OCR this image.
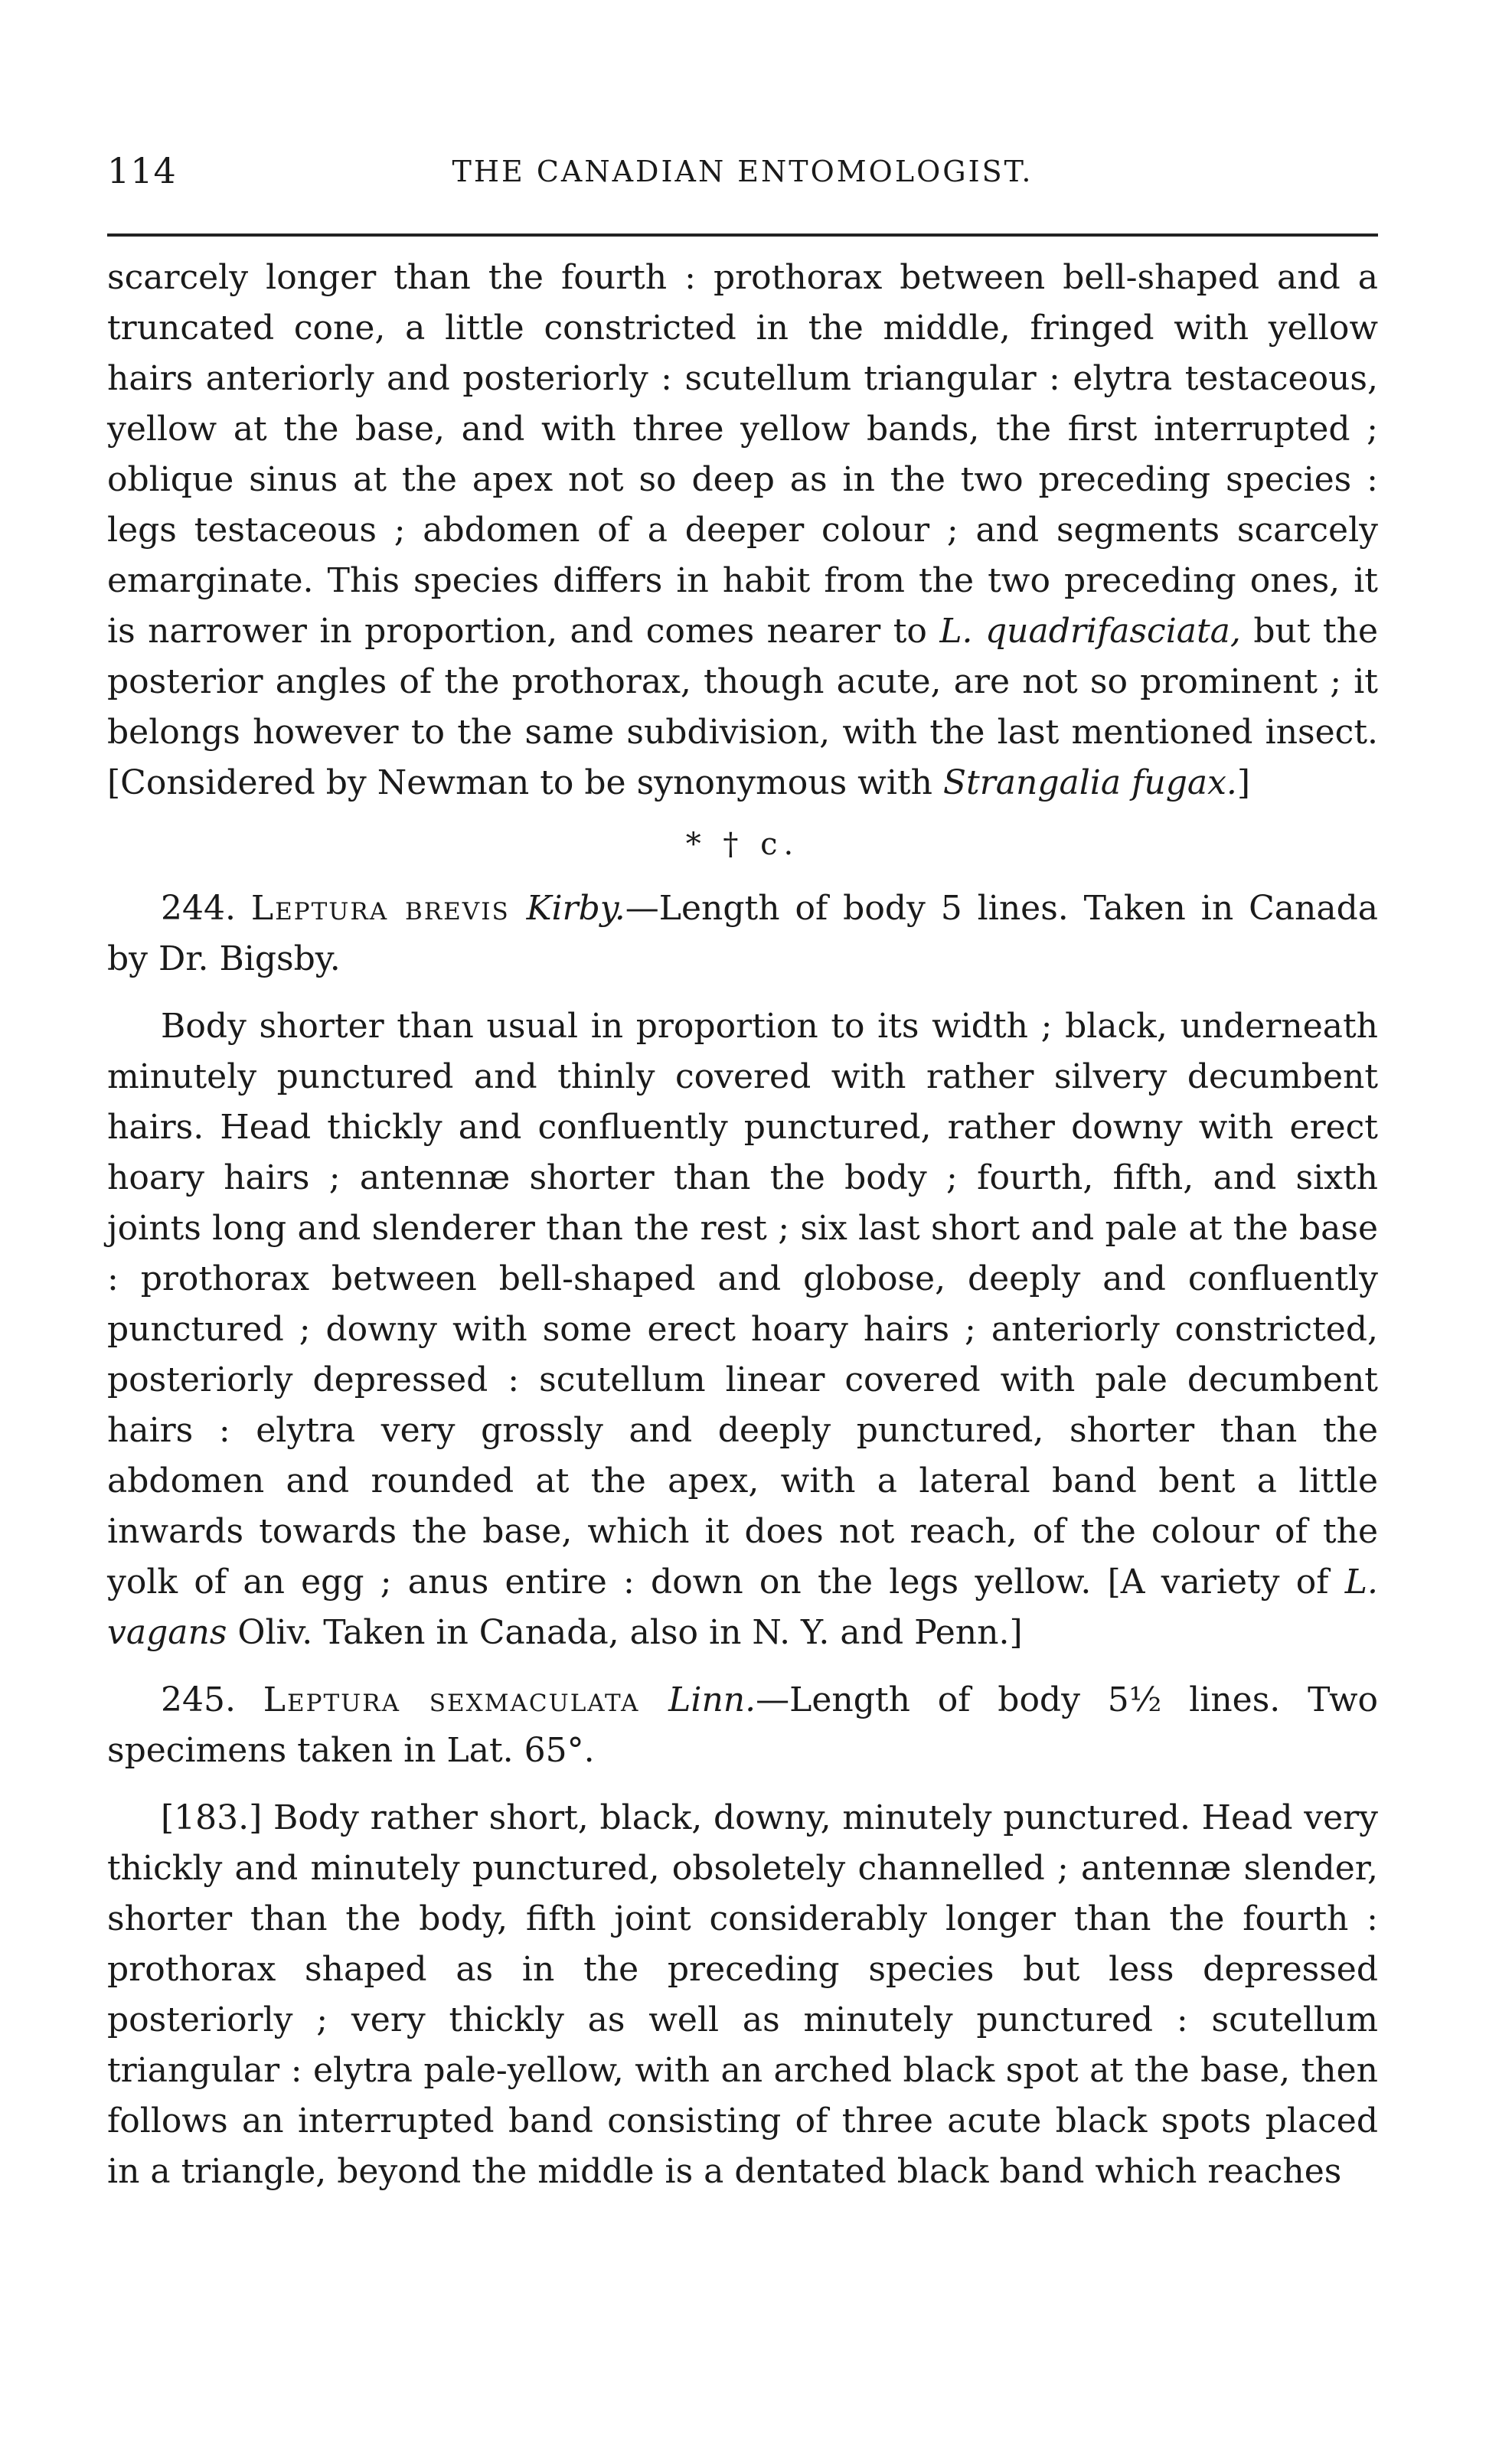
114	THE CANADIAN ENTOMOLOGIST.

scarcely longer than the fourth : prothorax between bell-shaped and a truncated cone, a little constricted in the middle, fringed with yellow hairs anteriorly and posteriorly : scutellum triangular : elytra testaceous, yellow at the base, and with three yellow bands, the first interrupted ; oblique sinus at the apex not so deep as in the two preceding species : legs testaceous ; abdomen of a deeper colour ; and segments scarcely emarginate. This species differs in habit from the two preceding ones, it is narrower in proportion, and comes nearer to L. quadrifasciata, but the posterior angles of the prothorax, though acute, are not so prominent ; it belongs however to the same subdivision, with the last mentioned insect. [Considered by Newman to be synonymous with Strangalia fugax.]

* † c.

244. Leptura brevis Kirby.—Length of body 5 lines. Taken in Canada by Dr. Bigsby.

Body shorter than usual in proportion to its width ; black, underneath minutely punctured and thinly covered with rather silvery decumbent hairs. Head thickly and confluently punctured, rather downy with erect hoary hairs ; antennæ shorter than the body ; fourth, fifth, and sixth joints long and slenderer than the rest ; six last short and pale at the base : prothorax between bell-shaped and globose, deeply and confluently punctured ; downy with some erect hoary hairs ; anteriorly constricted, posteriorly depressed : scutellum linear covered with pale decumbent hairs : elytra very grossly and deeply punctured, shorter than the abdomen and rounded at the apex, with a lateral band bent a little inwards towards the base, which it does not reach, of the colour of the yolk of an egg ; anus entire : down on the legs yellow. [A variety of L. vagans Oliv. Taken in Canada, also in N. Y. and Penn.]

245. Leptura sexmaculata Linn.—Length of body 5½ lines. Two specimens taken in Lat. 65°.

[183.] Body rather short, black, downy, minutely punctured. Head very thickly and minutely punctured, obsoletely channelled ; antennæ slender, shorter than the body, fifth joint considerably longer than the fourth : prothorax shaped as in the preceding species but less depressed posteriorly ; very thickly as well as minutely punctured : scutellum triangular : elytra pale-yellow, with an arched black spot at the base, then follows an interrupted band consisting of three acute black spots placed in a triangle, beyond the middle is a dentated black band which reaches
